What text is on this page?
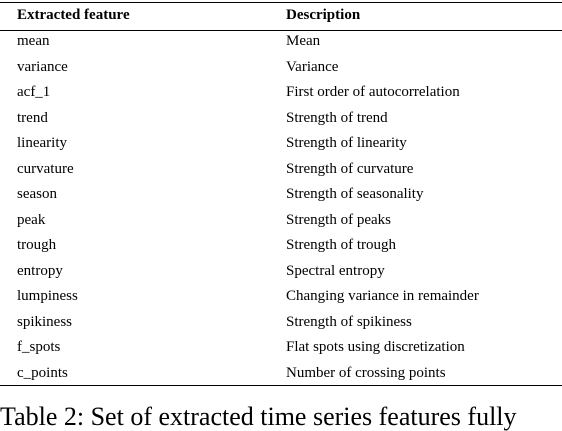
Extracted feature	Description
mean	Mean
variance	Variance
acf_1	First order of autocorrelation
trend	Strength of trend
linearity	Strength of linearity
curvature	Strength of curvature
season	Strength of seasonality
peak	Strength of peaks
trough	Strength of trough
entropy	Spectral entropy
lumpiness	Changing variance in remainder
spikiness	Strength of spikiness
f_spots	Flat spots using discretization
c_points	Number of crossing points
Table 2: Set of extracted time series features fully
